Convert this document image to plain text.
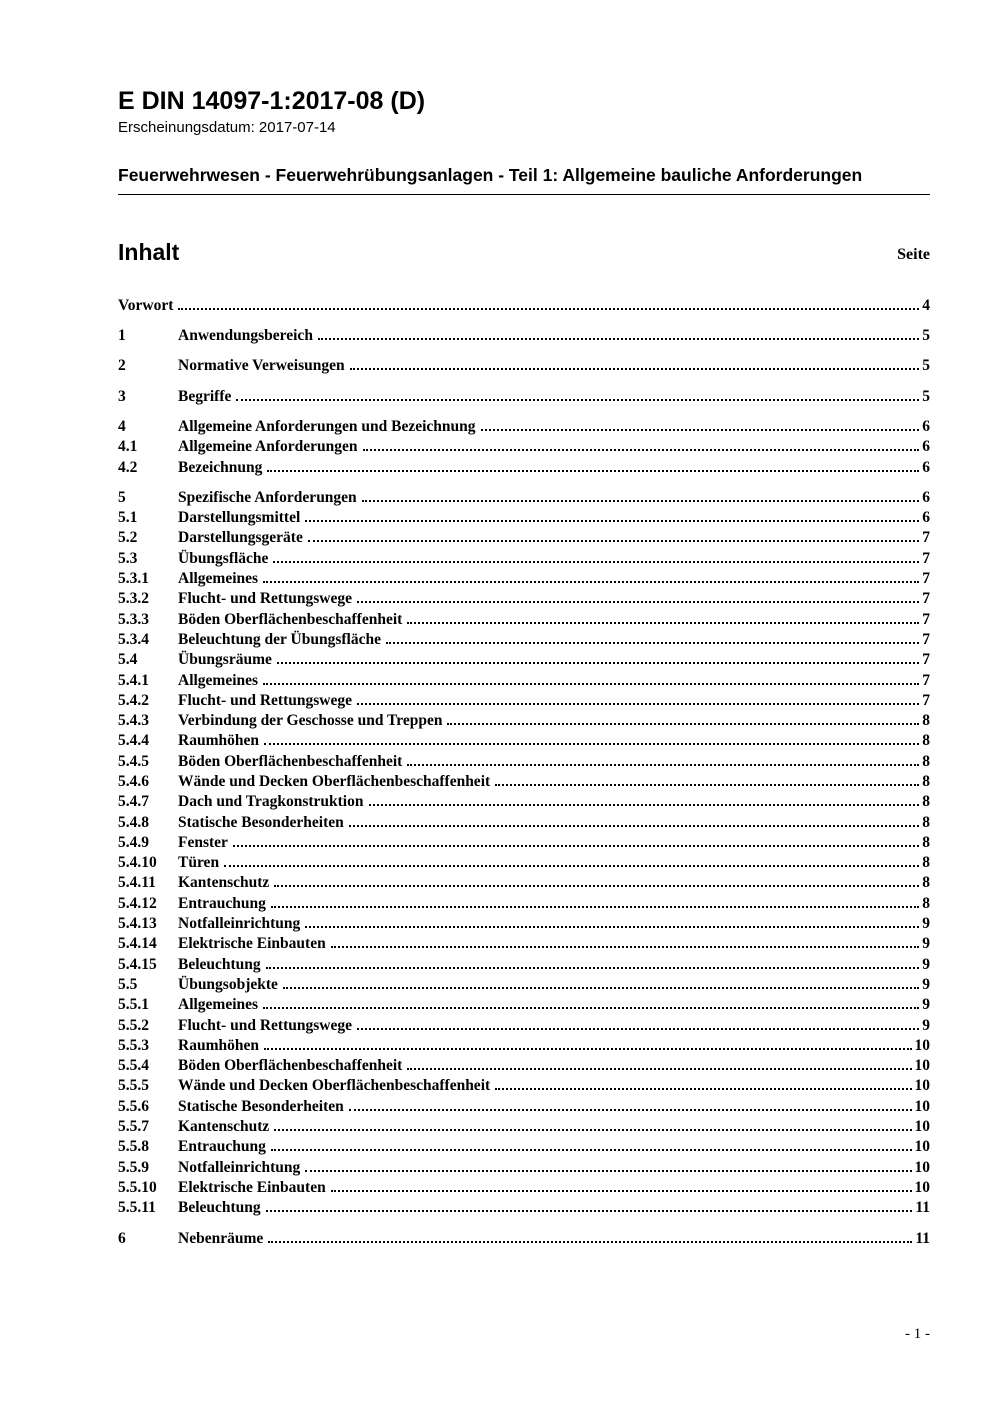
E DIN 14097-1:2017-08 (D)
Erscheinungsdatum: 2017-07-14
Feuerwehrwesen - Feuerwehrübungsanlagen - Teil 1: Allgemeine bauliche Anforderungen
Inhalt	Seite
Vorwort	4
1	Anwendungsbereich	5
2	Normative Verweisungen	5
3	Begriffe	5
4	Allgemeine Anforderungen und Bezeichnung	6
4.1	Allgemeine Anforderungen	6
4.2	Bezeichnung	6
5	Spezifische Anforderungen	6
5.1	Darstellungsmittel	6
5.2	Darstellungsgeräte	7
5.3	Übungsfläche	7
5.3.1	Allgemeines	7
5.3.2	Flucht- und Rettungswege	7
5.3.3	Böden Oberflächenbeschaffenheit	7
5.3.4	Beleuchtung der Übungsfläche	7
5.4	Übungsräume	7
5.4.1	Allgemeines	7
5.4.2	Flucht- und Rettungswege	7
5.4.3	Verbindung der Geschosse und Treppen	8
5.4.4	Raumhöhen	8
5.4.5	Böden Oberflächenbeschaffenheit	8
5.4.6	Wände und Decken Oberflächenbeschaffenheit	8
5.4.7	Dach und Tragkonstruktion	8
5.4.8	Statische Besonderheiten	8
5.4.9	Fenster	8
5.4.10	Türen	8
5.4.11	Kantenschutz	8
5.4.12	Entrauchung	8
5.4.13	Notfalleinrichtung	9
5.4.14	Elektrische Einbauten	9
5.4.15	Beleuchtung	9
5.5	Übungsobjekte	9
5.5.1	Allgemeines	9
5.5.2	Flucht- und Rettungswege	9
5.5.3	Raumhöhen	10
5.5.4	Böden Oberflächenbeschaffenheit	10
5.5.5	Wände und Decken Oberflächenbeschaffenheit	10
5.5.6	Statische Besonderheiten	10
5.5.7	Kantenschutz	10
5.5.8	Entrauchung	10
5.5.9	Notfalleinrichtung	10
5.5.10	Elektrische Einbauten	10
5.5.11	Beleuchtung	11
6	Nebenräume	11
- 1 -
